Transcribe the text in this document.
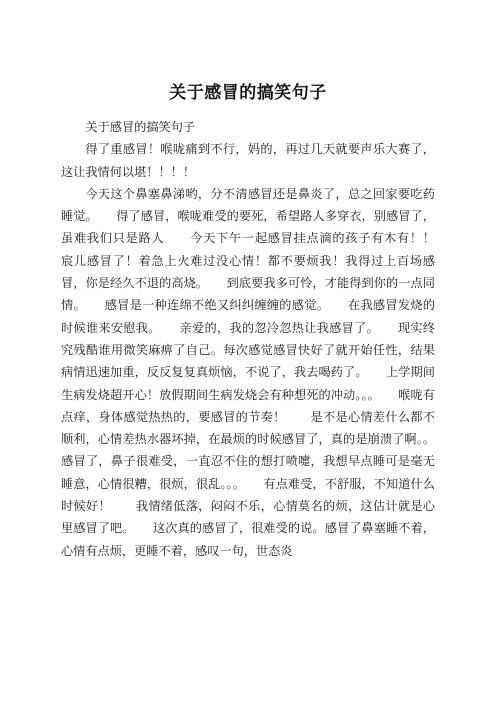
关于感冒的搞笑句子

关于感冒的搞笑句子

得了重感冒！喉咙痛到不行，妈的，再过几天就要声乐大赛了，这让我情何以堪！！！！

今天这个鼻塞鼻涕哟，分不清感冒还是鼻炎了，总之回家要吃药睡觉。　　得了感冒，喉咙难受的要死，希望路人多穿衣，别感冒了，虽难我们只是路人　　今天下午一起感冒挂点滴的孩子有木有！！　　宸儿感冒了！着急上火难过没心情！都不要烦我！我得过上百场感冒，你是经久不退的高烧。　　到底要我多可怜，才能得到你的一点同情。　　感冒是一种连绵不绝又纠纠缠缠的感觉。　　在我感冒发烧的时候谁来安慰我。　　亲爱的，我的忽冷忽热让我感冒了。　　现实终究残酷谁用微笑麻痹了自己。每次感觉感冒快好了就开始任性，结果病情迅速加重，反反复复真烦恼，不说了，我去喝药了。　　上学期间生病发烧超开心！放假期间生病发烧会有种想死的冲动。。。　　喉咙有点痒，身体感觉热热的，要感冒的节奏！　　是不是心情差什么都不顺利，心情差热水器坏掉，在最烦的时候感冒了，真的是崩溃了啊。。感冒了，鼻子很难受，一直忍不住的想打喷嚏，我想早点睡可是毫无睡意，心情很糟，很烦，很乱。。。　　有点难受，不舒服，不知道什么时候好！　　我情绪低落，闷闷不乐，心情莫名的烦，这估计就是心里感冒了吧。　　这次真的感冒了，很难受的说。感冒了鼻塞睡不着，心情有点烦，更睡不着，感叹一句，世态炎
